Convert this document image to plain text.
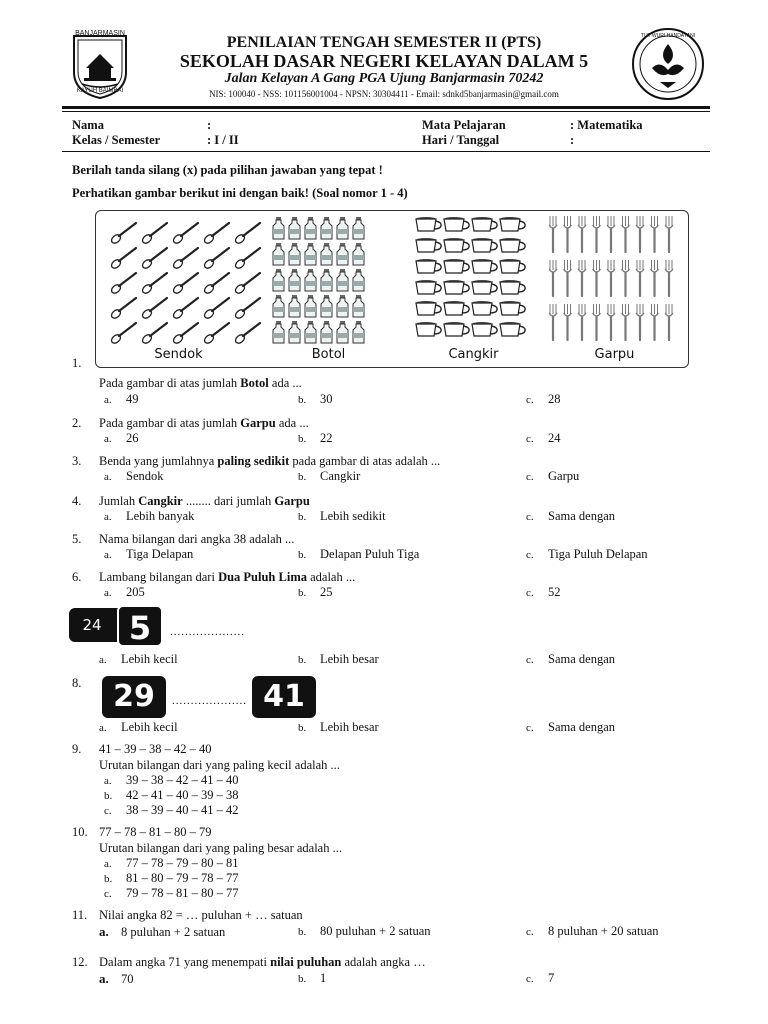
BANJARMASIN
KAYUH BAIMBAI
TUT WURI HANDAYANI
PENILAIAN TENGAH SEMESTER II (PTS)
SEKOLAH DASAR NEGERI KELAYAN DALAM 5
Jalan Kelayan A Gang PGA Ujung Banjarmasin 70242
NIS: 100040 - NSS: 101156001004 - NPSN: 30304411 - Email: sdnkd5banjarmasin@gmail.com
Nama	:
Kelas / Semester	: I / II
Mata Pelajaran	: Matematika
Hari / Tanggal	:
Berilah tanda silang (x) pada pilihan jawaban yang tepat !
Perhatikan gambar berikut ini dengan baik! (Soal nomor 1 - 4)
Sendok	Botol	Cangkir	Garpu
1.
Pada gambar di atas jumlah Botol ada ...
a. 49	b. 30	c. 28
2. Pada gambar di atas jumlah Garpu ada ...
a. 26	b. 22	c. 24
3. Benda yang jumlahnya paling sedikit pada gambar di atas adalah ...
a. Sendok	b. Cangkir	c. Garpu
4. Jumlah Cangkir ........ dari jumlah Garpu
a. Lebih banyak	b. Lebih sedikit	c. Sama dengan
5. Nama bilangan dari angka 38 adalah ...
a. Tiga Delapan	b. Delapan Puluh Tiga	c. Tiga Puluh Delapan
6. Lambang bilangan dari Dua Puluh Lima adalah ...
a. 205	b. 25	c. 52
24 5	....................
a. Lebih kecil	b. Lebih besar	c. Sama dengan
8.	29	.................... 41
a. Lebih kecil	b. Lebih besar	c. Sama dengan
9. 41 – 39 – 38 – 42 – 40
Urutan bilangan dari yang paling kecil adalah ...
a. 39 – 38 – 42 – 41 – 40
b. 42 – 41 – 40 – 39 – 38
c. 38 – 39 – 40 – 41 – 42
10. 77 – 78 – 81 – 80 – 79
Urutan bilangan dari yang paling besar adalah ...
a. 77 – 78 – 79 – 80 – 81
b. 81 – 80 – 79 – 78 – 77
c. 79 – 78 – 81 – 80 – 77
11. Nilai angka 82 = … puluhan + … satuan
a. 8 puluhan + 2 satuan	b. 80 puluhan + 2 satuan	c. 8 puluhan + 20 satuan
12. Dalam angka 71 yang menempati nilai puluhan adalah angka …
a. 70	b. 1	c. 7
